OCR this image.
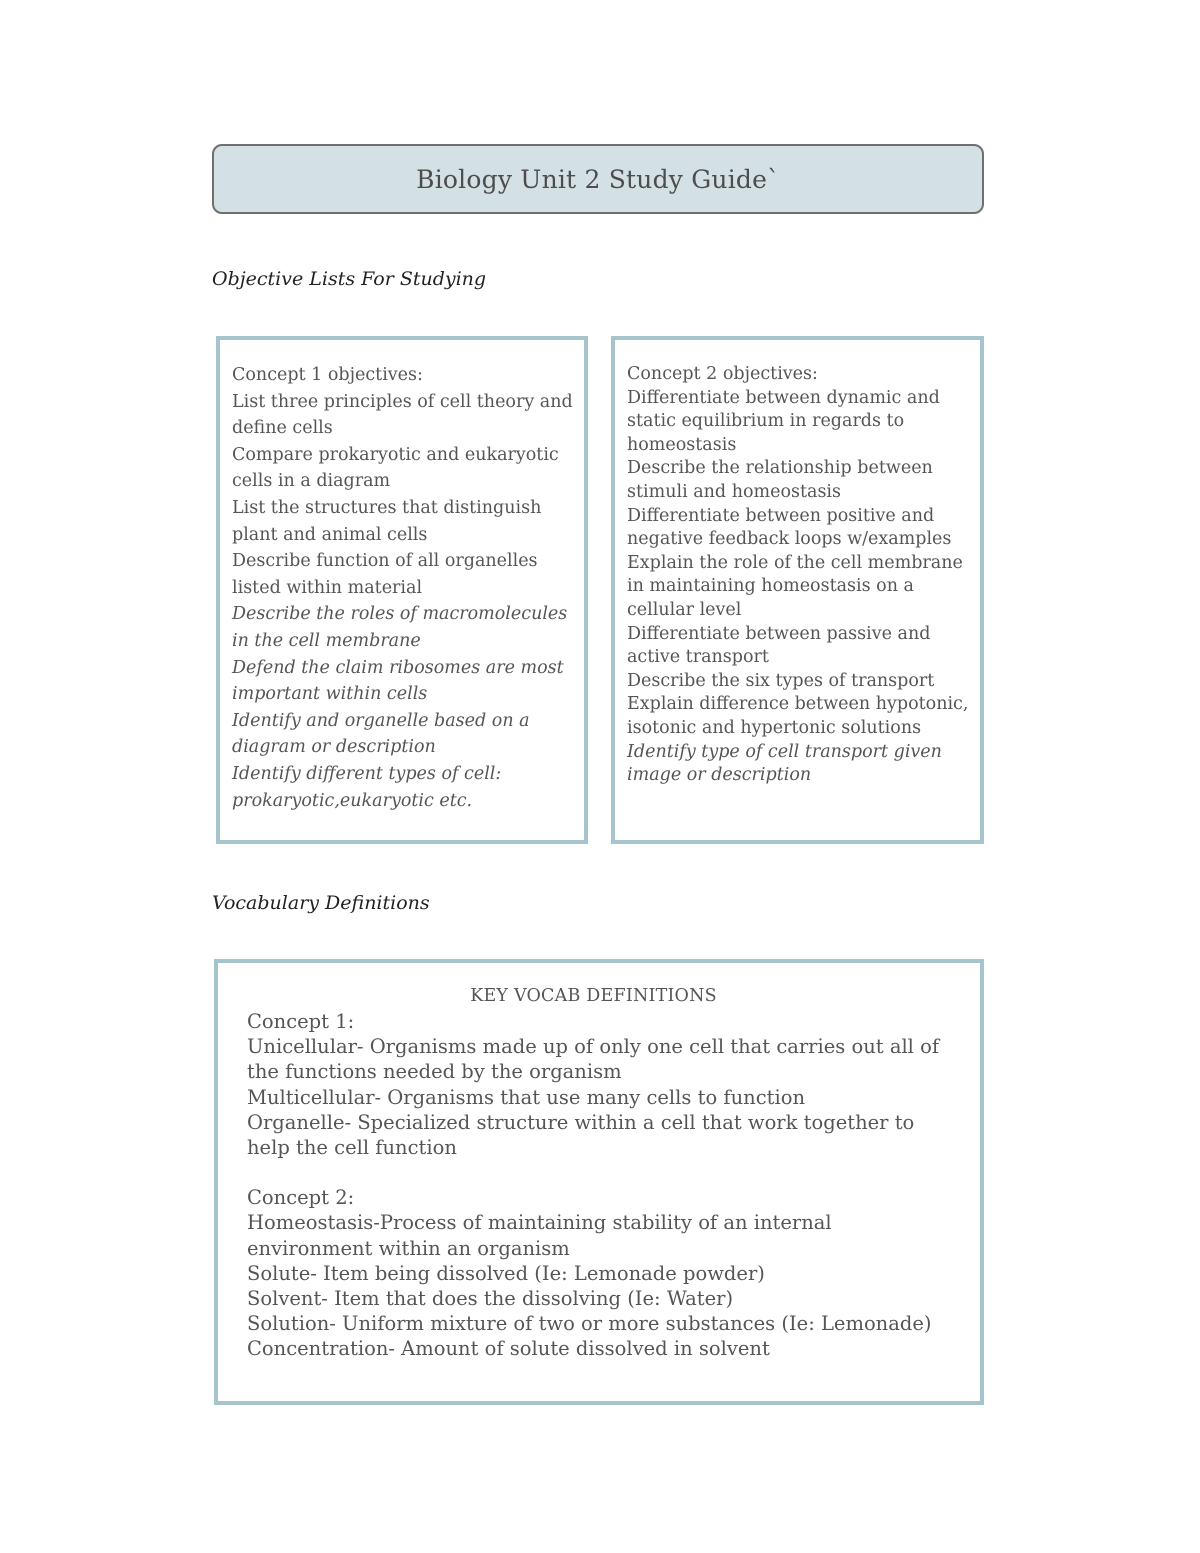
Biology Unit 2 Study Guide`
Objective Lists For Studying
Concept 1 objectives:
List three principles of cell theory and define cells
Compare prokaryotic and eukaryotic cells in a diagram
List the structures that distinguish plant and animal cells
Describe function of all organelles listed within material
Describe the roles of macromolecules in the cell membrane
Defend the claim ribosomes are most important within cells
Identify and organelle based on a diagram or description
Identify different types of cell: prokaryotic,eukaryotic etc.
Concept 2 objectives:
Differentiate between dynamic and static equilibrium in regards to homeostasis
Describe the relationship between stimuli and homeostasis
Differentiate between positive and negative feedback loops w/examples
Explain the role of the cell membrane in maintaining homeostasis on a cellular level
Differentiate between passive and active transport
Describe the six types of transport
Explain difference between hypotonic, isotonic and hypertonic solutions
Identify type of cell transport given image or description
Vocabulary Definitions
KEY VOCAB DEFINITIONS
Concept 1:
Unicellular- Organisms made up of only one cell that carries out all of the functions needed by the organism
Multicellular- Organisms that use many cells to function
Organelle- Specialized structure within a cell that work together to help the cell function
Concept 2:
Homeostasis-Process of maintaining stability of an internal environment within an organism
Solute- Item being dissolved (Ie: Lemonade powder)
Solvent- Item that does the dissolving (Ie: Water)
Solution- Uniform mixture of two or more substances (Ie: Lemonade)
Concentration- Amount of solute dissolved in solvent
